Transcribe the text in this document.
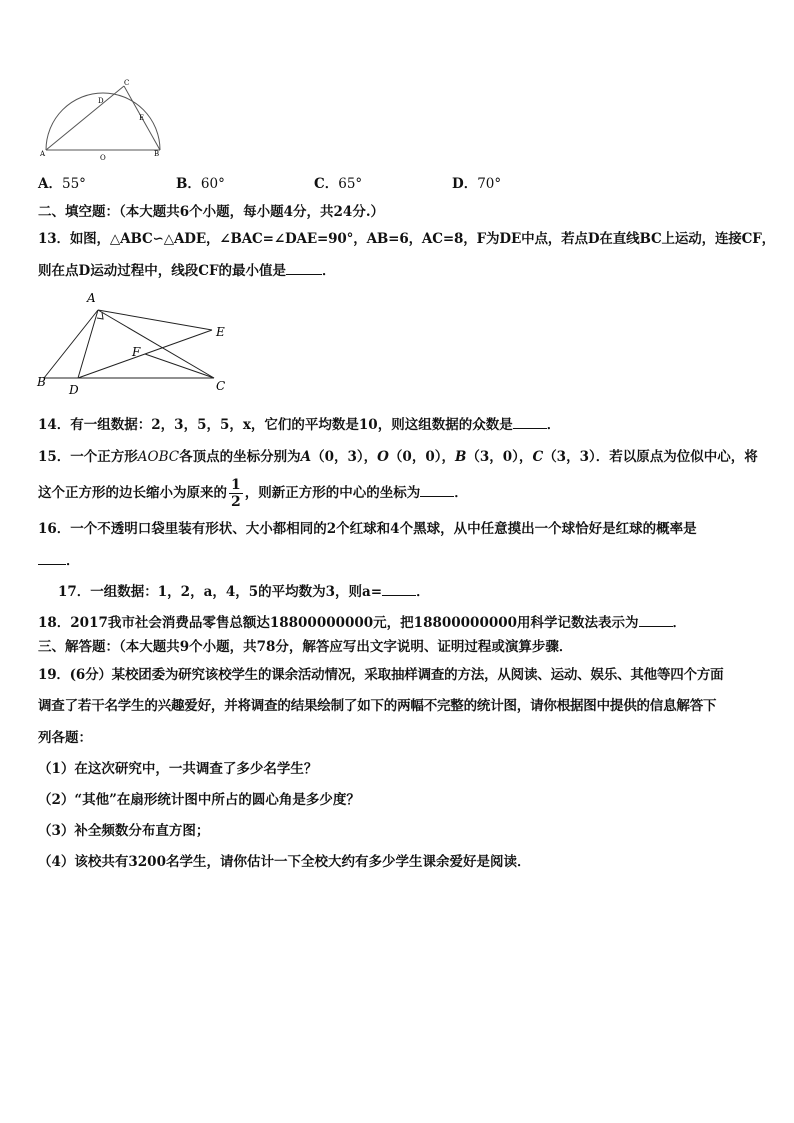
A	O	B
C
D
E
A．55°	B．60°	C．65°	D．70°
二、填空题：（本大题共6个小题，每小题4分，共24分.）
13．如图，△ABC∽△ADE，∠BAC=∠DAE=90°，AB=6，AC=8，F为DE中点，若点D在直线BC上运动，连接CF，
则在点D运动过程中，线段CF的最小值是	．
A
E
F
B
D	C
14．有一组数据：2，3，5，5，x，它们的平均数是10，则这组数据的众数是	．
15．一个正方形AOBC各顶点的坐标分别为A（0，3），O（0，0），B（3，0），C（3，3）．若以原点为位似中心，将
这个正方形的边长缩小为原来的 $\frac{1}{2}$ ，则新正方形的中心的坐标为	．
16．一个不透明口袋里装有形状、大小都相同的2个红球和4个黑球，从中任意摸出一个球恰好是红球的概率是
．
17．一组数据：1，2，a，4，5的平均数为3，则a=	．
18．2017我市社会消费品零售总额达18800000000元，把18800000000用科学记数法表示为	．
三、解答题：（本大题共9个小题，共78分，解答应写出文字说明、证明过程或演算步骤．
19．(6分）某校团委为研究该校学生的课余活动情况，采取抽样调查的方法，从阅读、运动、娱乐、其他等四个方面
调查了若干名学生的兴趣爱好，并将调查的结果绘制了如下的两幅不完整的统计图，请你根据图中提供的信息解答下
列各题：
（1）在这次研究中，一共调查了多少名学生？
（2）“其他”在扇形统计图中所占的圆心角是多少度？
（3）补全频数分布直方图；
（4）该校共有3200名学生，请你估计一下全校大约有多少学生课余爱好是阅读．
